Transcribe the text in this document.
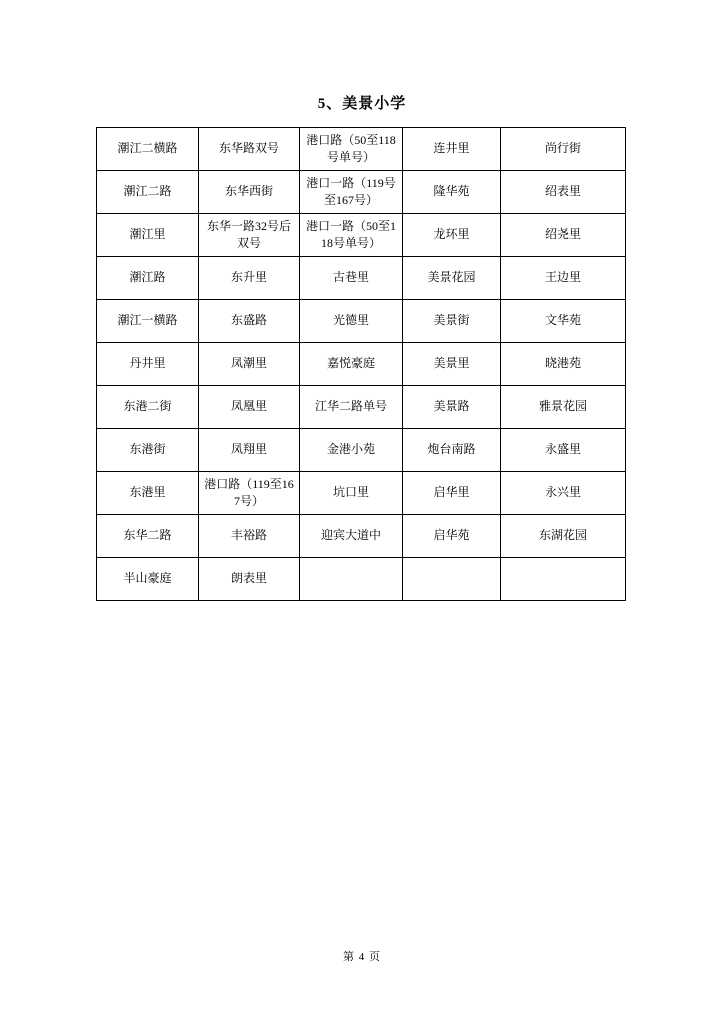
5、美景小学
潮江二横路	东华路双号	港口路（50至118号单号）	连井里	尚行街
潮江二路	东华西街	港口一路（119号至167号）	隆华苑	绍表里
潮江里	东华一路32号后双号	港口一路（50至118号单号）	龙环里	绍尧里
潮江路	东升里	古巷里	美景花园	王边里
潮江一横路	东盛路	光德里	美景街	文华苑
丹井里	凤潮里	嘉悦豪庭	美景里	晓港苑
东港二街	凤凰里	江华二路单号	美景路	雅景花园
东港街	凤翔里	金港小苑	炮台南路	永盛里
东港里	港口路（119至167号）	坑口里	启华里	永兴里
东华二路	丰裕路	迎宾大道中	启华苑	东湖花园
半山豪庭	朗表里			
第 4 页
